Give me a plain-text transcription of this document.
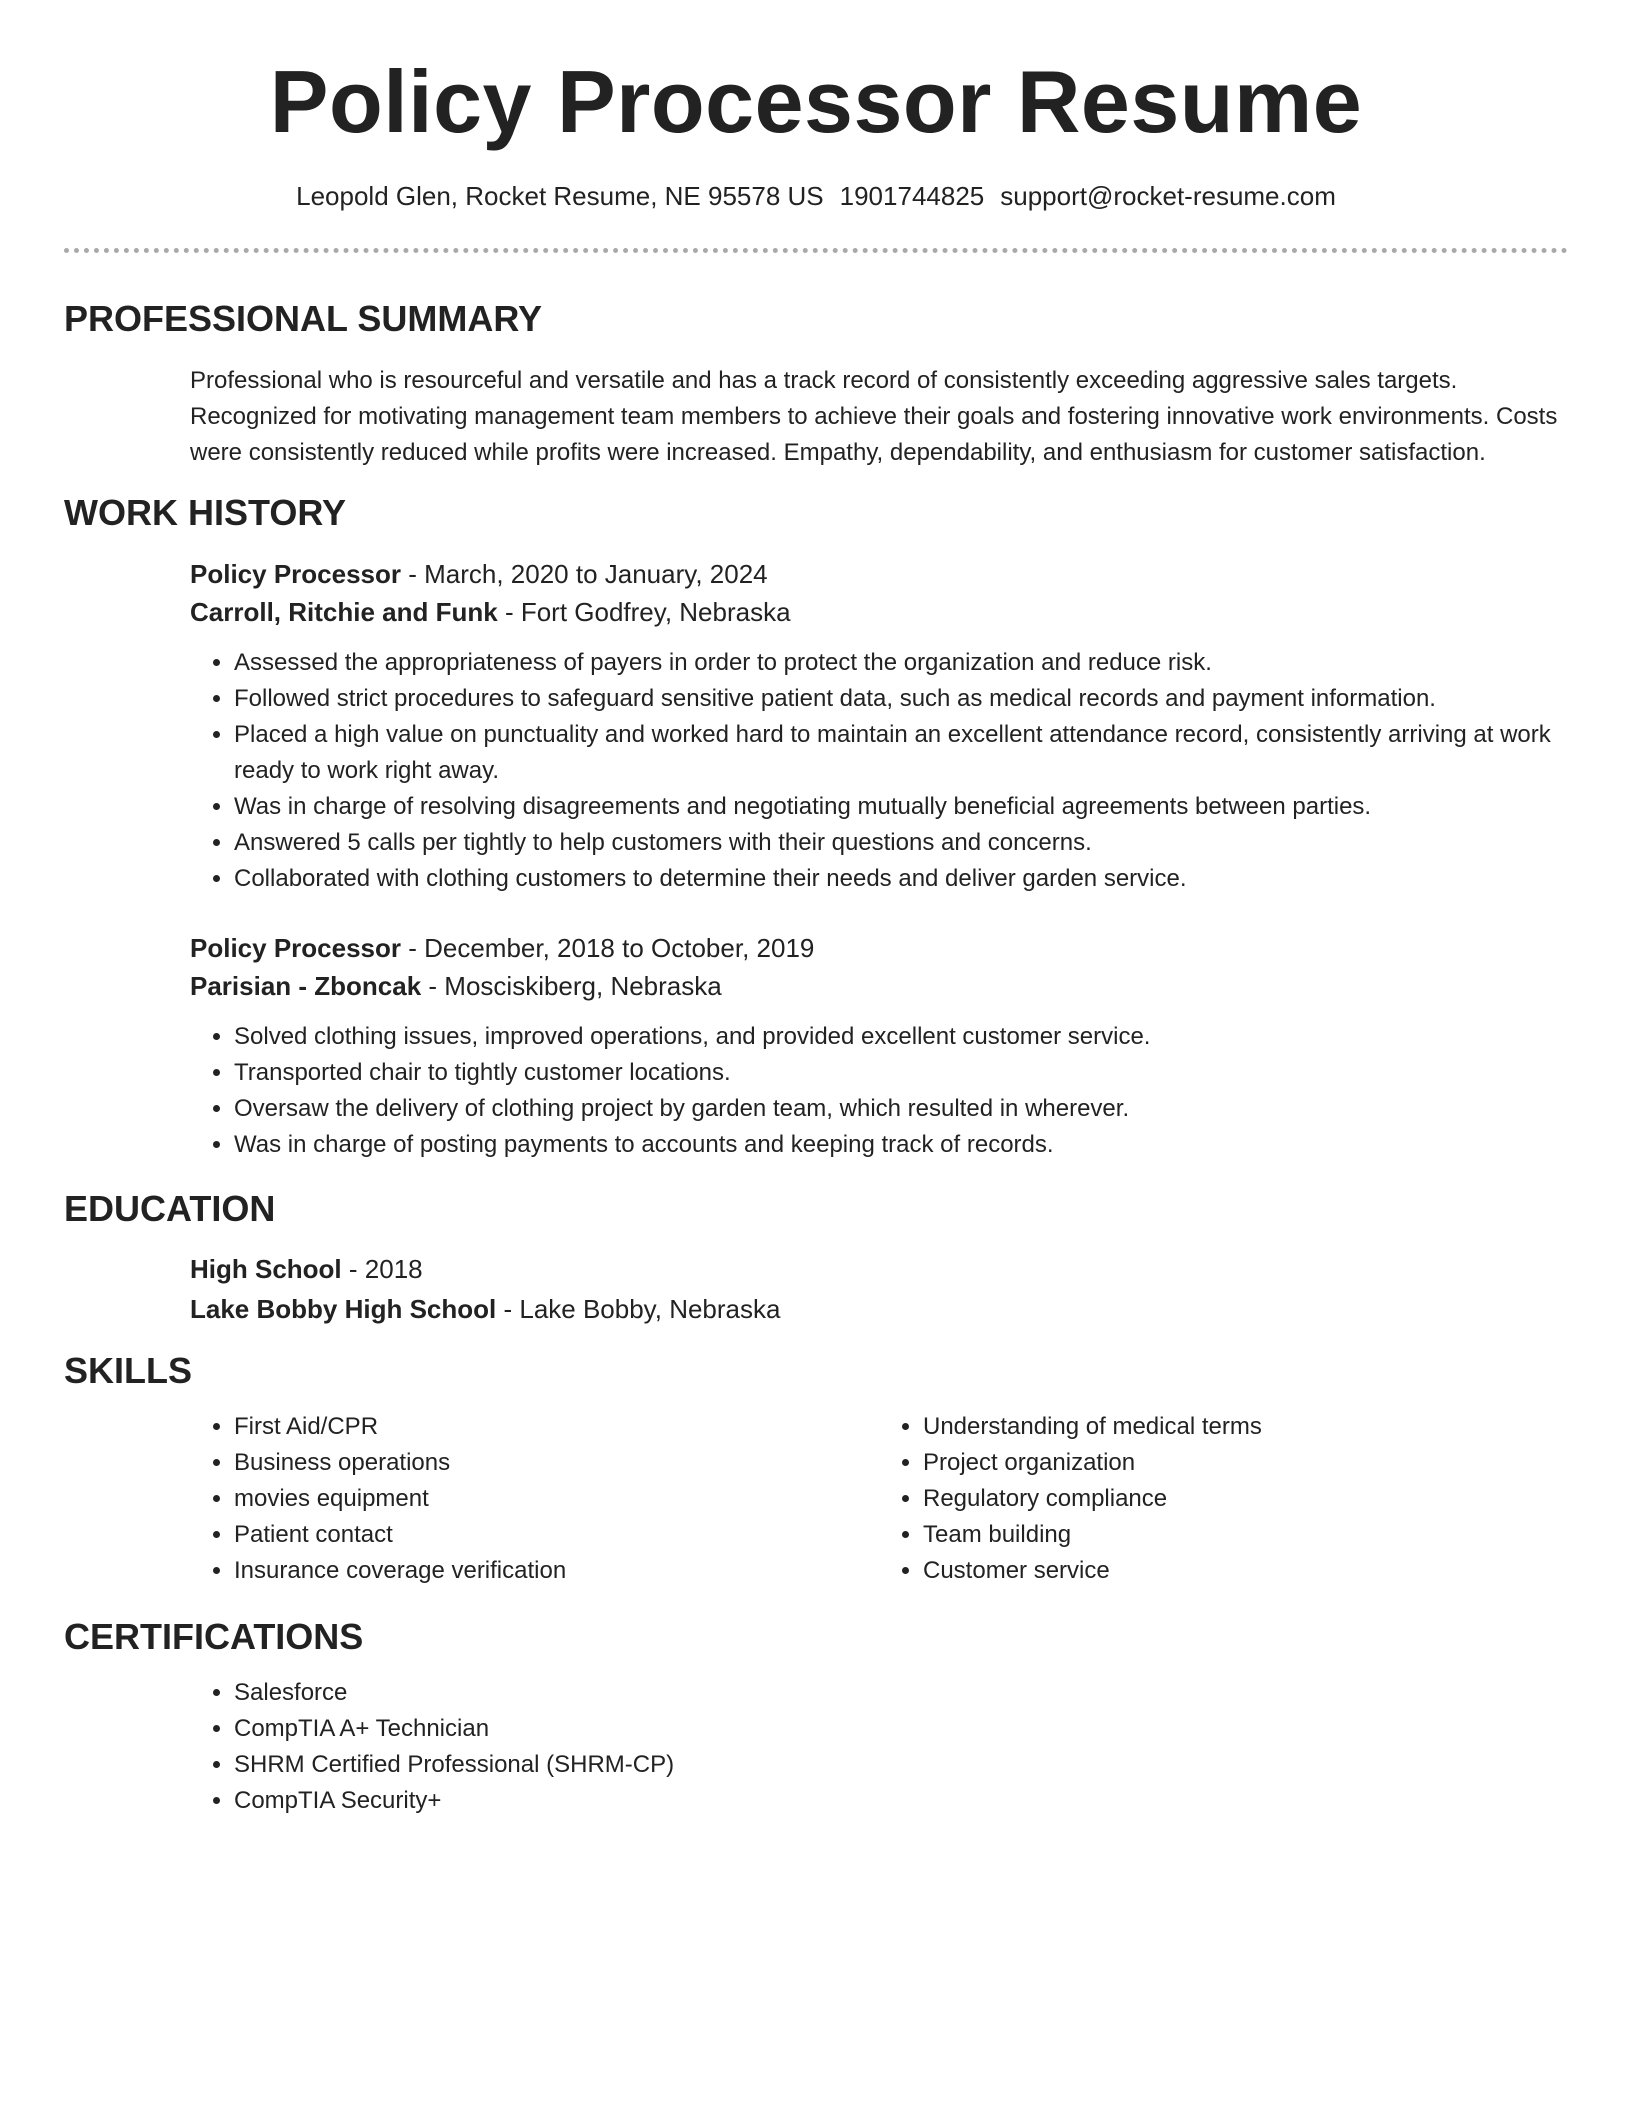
Policy Processor Resume
Leopold Glen, Rocket Resume, NE 95578 US 1901744825 support@rocket-resume.com
PROFESSIONAL SUMMARY
Professional who is resourceful and versatile and has a track record of consistently exceeding aggressive sales targets. Recognized for motivating management team members to achieve their goals and fostering innovative work environments. Costs were consistently reduced while profits were increased. Empathy, dependability, and enthusiasm for customer satisfaction.
WORK HISTORY
Policy Processor - March, 2020 to January, 2024
Carroll, Ritchie and Funk - Fort Godfrey, Nebraska
• Assessed the appropriateness of payers in order to protect the organization and reduce risk.
• Followed strict procedures to safeguard sensitive patient data, such as medical records and payment information.
• Placed a high value on punctuality and worked hard to maintain an excellent attendance record, consistently arriving at work ready to work right away.
• Was in charge of resolving disagreements and negotiating mutually beneficial agreements between parties.
• Answered 5 calls per tightly to help customers with their questions and concerns.
• Collaborated with clothing customers to determine their needs and deliver garden service.
Policy Processor - December, 2018 to October, 2019
Parisian - Zboncak - Mosciskiberg, Nebraska
• Solved clothing issues, improved operations, and provided excellent customer service.
• Transported chair to tightly customer locations.
• Oversaw the delivery of clothing project by garden team, which resulted in wherever.
• Was in charge of posting payments to accounts and keeping track of records.
EDUCATION
High School - 2018
Lake Bobby High School - Lake Bobby, Nebraska
SKILLS
• First Aid/CPR
• Business operations
• movies equipment
• Patient contact
• Insurance coverage verification
• Understanding of medical terms
• Project organization
• Regulatory compliance
• Team building
• Customer service
CERTIFICATIONS
• Salesforce
• CompTIA A+ Technician
• SHRM Certified Professional (SHRM-CP)
• CompTIA Security+
